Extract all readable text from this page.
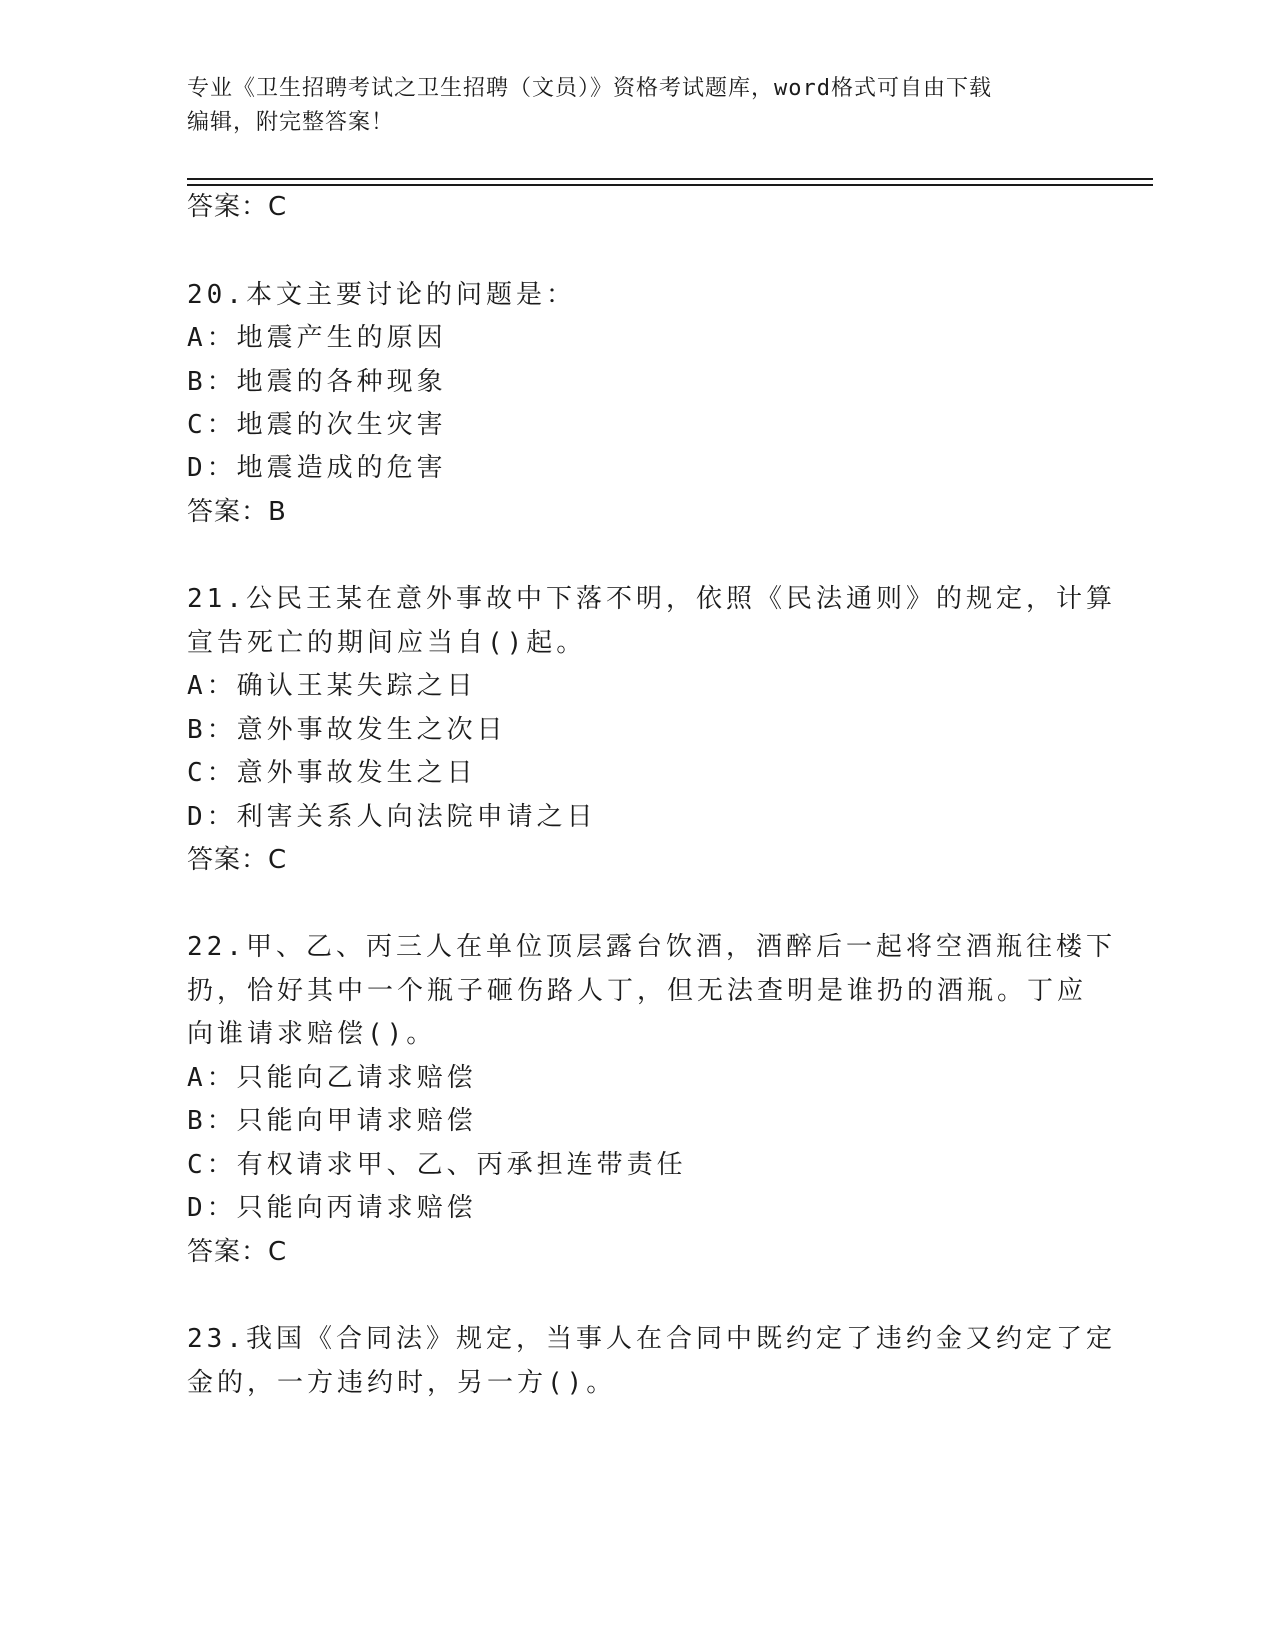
专业《卫生招聘考试之卫生招聘（文员）》资格考试题库，word格式可自由下载
编辑，附完整答案！
答案：C
20.本文主要讨论的问题是：
A：地震产生的原因
B：地震的各种现象
C：地震的次生灾害
D：地震造成的危害
答案：B
21.公民王某在意外事故中下落不明，依照《民法通则》的规定，计算
宣告死亡的期间应当自()起。
A：确认王某失踪之日
B：意外事故发生之次日
C：意外事故发生之日
D：利害关系人向法院申请之日
答案：C
22.甲、乙、丙三人在单位顶层露台饮酒，酒醉后一起将空酒瓶往楼下
扔，恰好其中一个瓶子砸伤路人丁，但无法查明是谁扔的酒瓶。丁应
向谁请求赔偿()。
A：只能向乙请求赔偿
B：只能向甲请求赔偿
C：有权请求甲、乙、丙承担连带责任
D：只能向丙请求赔偿
答案：C
23.我国《合同法》规定，当事人在合同中既约定了违约金又约定了定
金的，一方违约时，另一方()。
